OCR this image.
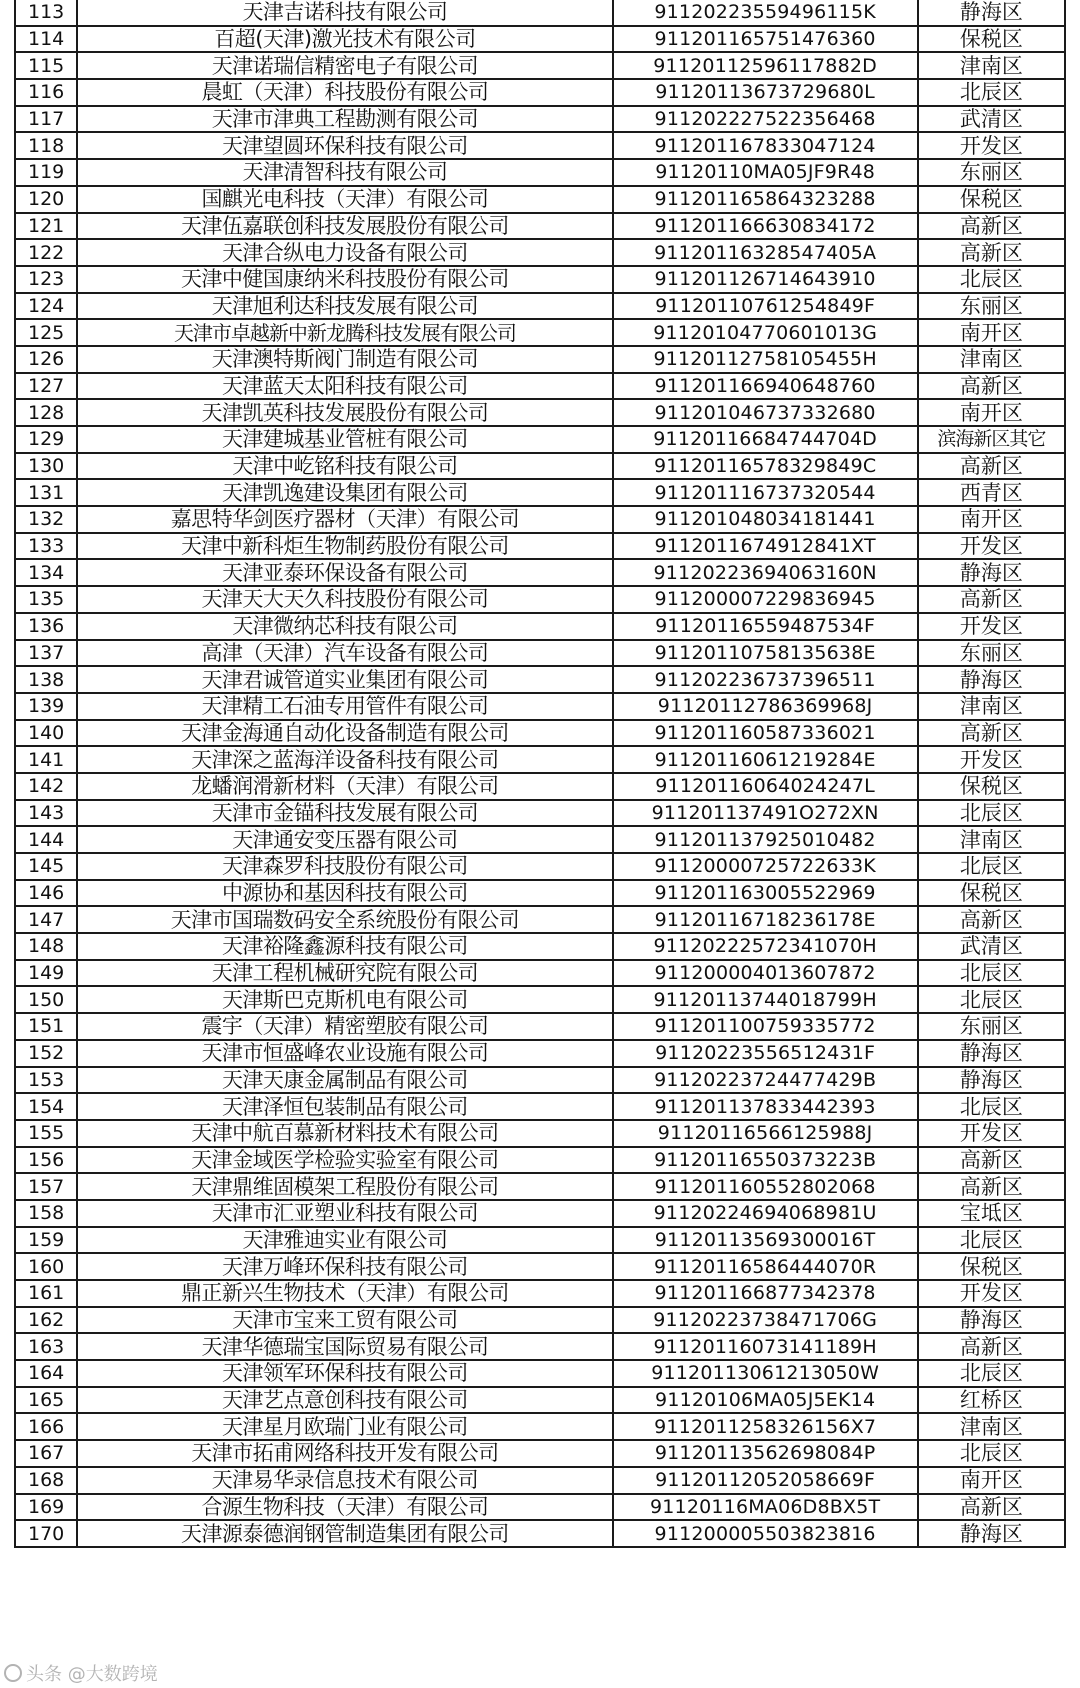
113	天津吉诺科技有限公司	91120223559496115K	静海区
114	百超(天津)激光技术有限公司	911201165751476360	保税区
115	天津诺瑞信精密电子有限公司	91120112596117882D	津南区
116	晨虹（天津）科技股份有限公司	91120113673729680L	北辰区
117	天津市津典工程勘测有限公司	911202227522356468	武清区
118	天津望圆环保科技有限公司	911201167833047124	开发区
119	天津清智科技有限公司	91120110MA05JF9R48	东丽区
120	国麒光电科技（天津）有限公司	911201165864323288	保税区
121	天津伍嘉联创科技发展股份有限公司	911201166630834172	高新区
122	天津合纵电力设备有限公司	91120116328547405A	高新区
123	天津中健国康纳米科技股份有限公司	911201126714643910	北辰区
124	天津旭利达科技发展有限公司	91120110761254849F	东丽区
125	天津市卓越新中新龙腾科技发展有限公司	91120104770601013G	南开区
126	天津澳特斯阀门制造有限公司	91120112758105455H	津南区
127	天津蓝天太阳科技有限公司	911201166940648760	高新区
128	天津凯英科技发展股份有限公司	911201046737332680	南开区
129	天津建城基业管桩有限公司	91120116684744704D	滨海新区其它
130	天津中屹铭科技有限公司	91120116578329849C	高新区
131	天津凯逸建设集团有限公司	911201116737320544	西青区
132	嘉思特华剑医疗器材（天津）有限公司	911201048034181441	南开区
133	天津中新科炬生物制药股份有限公司	9112011674912841XT	开发区
134	天津亚泰环保设备有限公司	91120223694063160N	静海区
135	天津天大天久科技股份有限公司	911200007229836945	高新区
136	天津微纳芯科技有限公司	91120116559487534F	开发区
137	高津（天津）汽车设备有限公司	91120110758135638E	东丽区
138	天津君诚管道实业集团有限公司	911202236737396511	静海区
139	天津精工石油专用管件有限公司	91120112786369968J	津南区
140	天津金海通自动化设备制造有限公司	911201160587336021	高新区
141	天津深之蓝海洋设备科技有限公司	91120116061219284E	开发区
142	龙蟠润滑新材料（天津）有限公司	91120116064024247L	保税区
143	天津市金锚科技发展有限公司	911201137491O272XN	北辰区
144	天津通安变压器有限公司	911201137925010482	津南区
145	天津森罗科技股份有限公司	91120000725722633K	北辰区
146	中源协和基因科技有限公司	911201163005522969	保税区
147	天津市国瑞数码安全系统股份有限公司	91120116718236178E	高新区
148	天津裕隆鑫源科技有限公司	91120222572341070H	武清区
149	天津工程机械研究院有限公司	911200004013607872	北辰区
150	天津斯巴克斯机电有限公司	91120113744018799H	北辰区
151	震宇（天津）精密塑胶有限公司	911201100759335772	东丽区
152	天津市恒盛峰农业设施有限公司	91120223556512431F	静海区
153	天津天康金属制品有限公司	91120223724477429B	静海区
154	天津泽恒包装制品有限公司	911201137833442393	北辰区
155	天津中航百慕新材料技术有限公司	91120116566125988J	开发区
156	天津金域医学检验实验室有限公司	91120116550373223B	高新区
157	天津鼎维固模架工程股份有限公司	911201160552802068	高新区
158	天津市汇亚塑业科技有限公司	91120224694068981U	宝坻区
159	天津雅迪实业有限公司	91120113569300016T	北辰区
160	天津万峰环保科技有限公司	91120116586444070R	保税区
161	鼎正新兴生物技术（天津）有限公司	911201166877342378	开发区
162	天津市宝来工贸有限公司	91120223738471706G	静海区
163	天津华德瑞宝国际贸易有限公司	91120116073141189H	高新区
164	天津领军环保科技有限公司	91120113061213050W	北辰区
165	天津艺点意创科技有限公司	91120106MA05J5EK14	红桥区
166	天津星月欧瑞门业有限公司	9112011258326156X7	津南区
167	天津市拓甫网络科技开发有限公司	91120113562698084P	北辰区
168	天津易华录信息技术有限公司	91120112052058669F	南开区
169	合源生物科技（天津）有限公司	91120116MA06D8BX5T	高新区
170	天津源泰德润钢管制造集团有限公司	911200005503823816	静海区
头条 @大数跨境
